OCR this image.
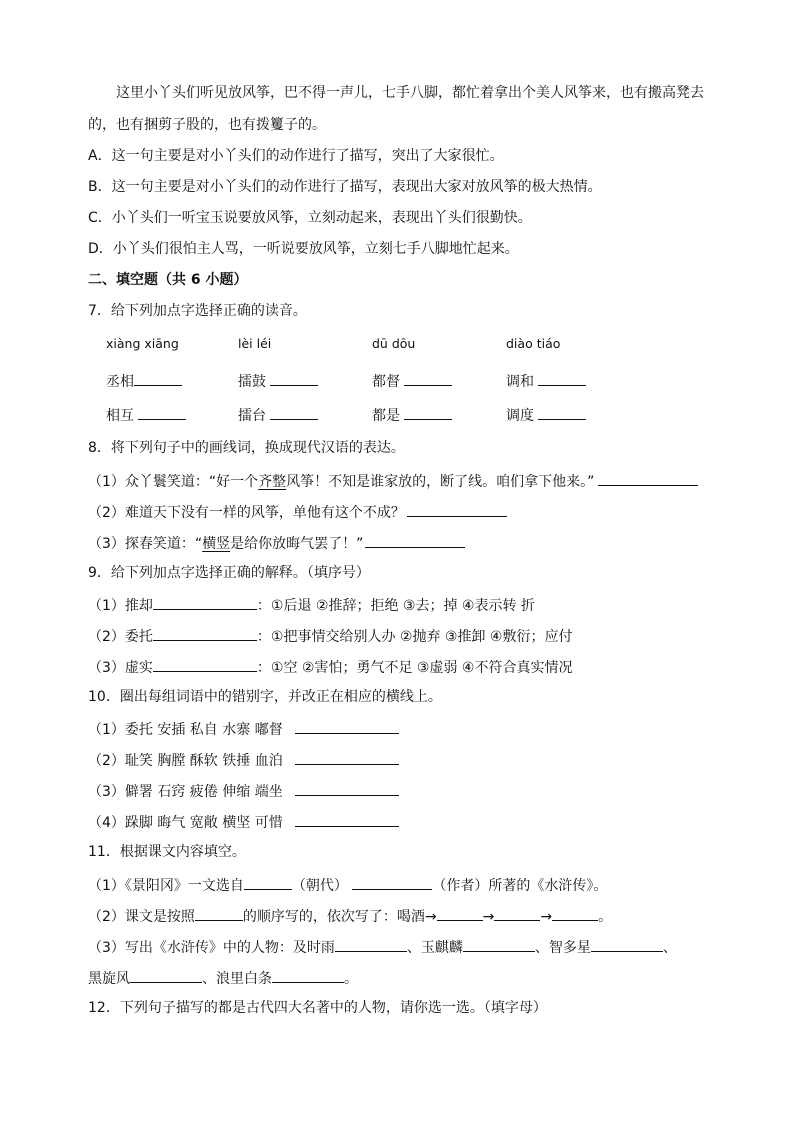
这里小丫头们听见放风筝，巴不得一声儿，七手八脚，都忙着拿出个美人风筝来，也有搬高凳去
的，也有捆剪子股的，也有拨籰子的。
A．这一句主要是对小丫头们的动作进行了描写，突出了大家很忙。
B．这一句主要是对小丫头们的动作进行了描写，表现出大家对放风筝的极大热情。
C．小丫头们一听宝玉说要放风筝，立刻动起来，表现出丫头们很勤快。
D．小丫头们很怕主人骂，一听说要放风筝，立刻七手八脚地忙起来。
二、填空题（共 6 小题）
7．给下列加点字选择正确的读音。
xiàng xiāng	lèi léi	dū dōu	diào tiáo
丞相	擂鼓	都督	调和
相互	擂台	都是	调度
8．将下列句子中的画线词，换成现代汉语的表达。
（1）众丫鬟笑道：“好一个齐整风筝！不知是谁家放的，断了线。咱们拿下他来。”
（2）难道天下没有一样的风筝，单他有这个不成？
（3）探春笑道：“横竖是给你放晦气罢了！”
9．给下列加点字选择正确的解释。（填序号）
（1）推却	：①后退 ②推辞；拒绝 ③去；掉 ④表示转 折
（2）委托	：①把事情交给别人办 ②抛弃 ③推卸 ④敷衍；应付
（3）虚实	：①空 ②害怕；勇气不足 ③虚弱 ④不符合真实情况
10．圈出每组词语中的错别字，并改正在相应的横线上。
（1）委托 安插 私自 水寨 嘟督
（2）耻笑 胸膛 酥软 铁捶 血泊
（3）僻署 石窍 疲倦 伸缩 端坐
（4）跺脚 晦气 宽敞 横坚 可惜
11．根据课文内容填空。
（1）《景阳冈》一文选自	（朝代）	（作者）所著的《水浒传》。
（2）课文是按照	的顺序写的，依次写了：喝酒→	→	→	。
（3）写出《水浒传》中的人物：及时雨	、玉麒麟	、智多星	、
黑旋风	、浪里白条	。
12．下列句子描写的都是古代四大名著中的人物，请你选一选。（填字母）
